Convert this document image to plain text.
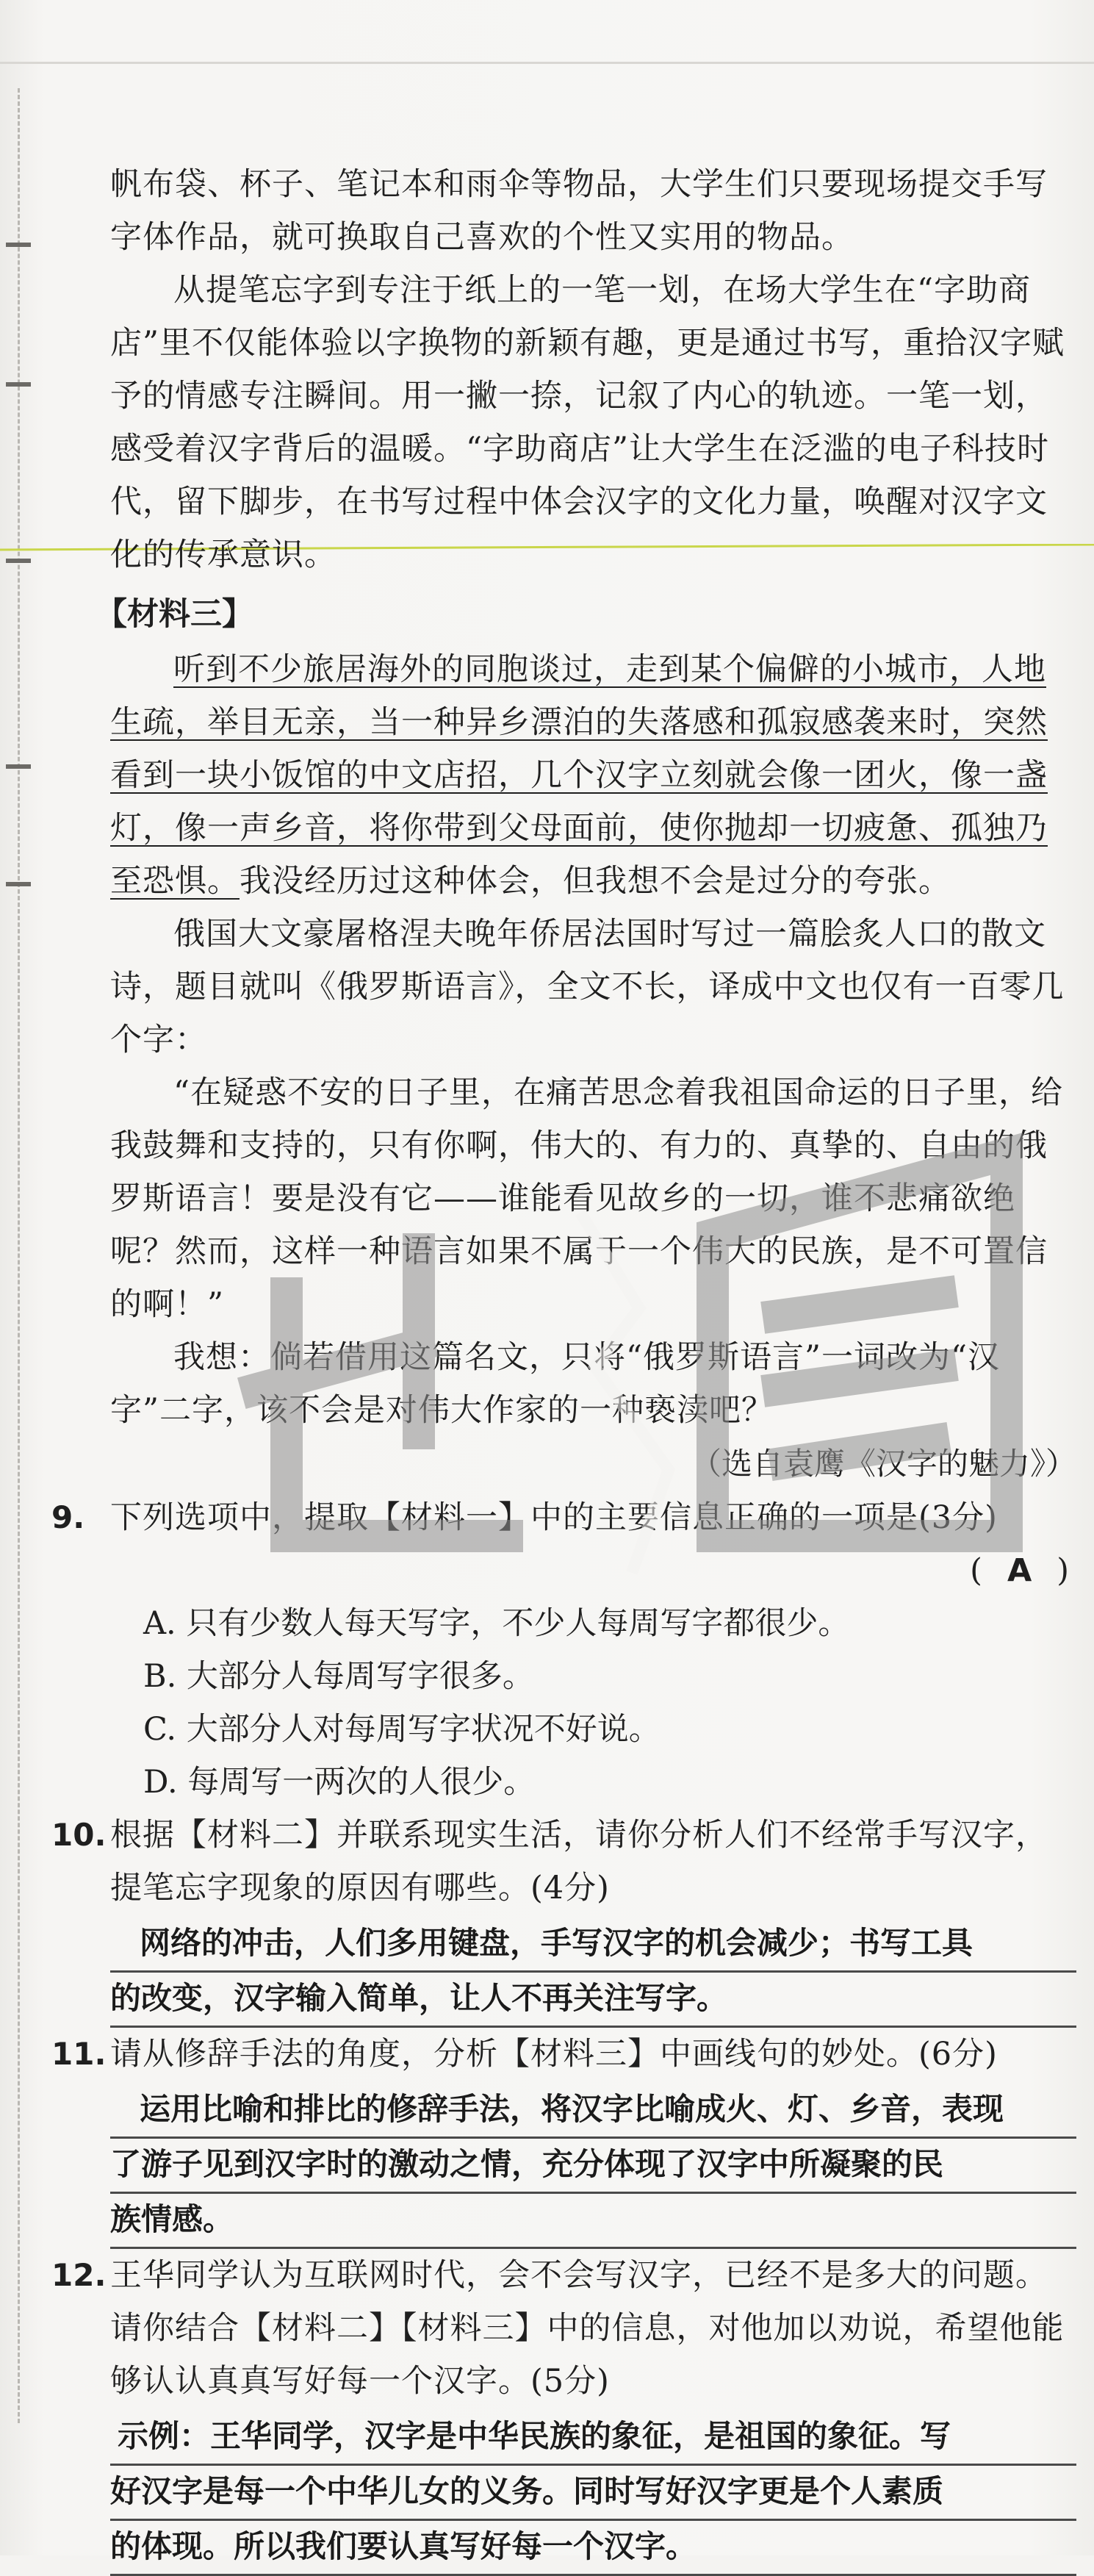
帆布袋、杯子、笔记本和雨伞等物品，大学生们只要现场提交手写字体作品，就可换取自己喜欢的个性又实用的物品。

从提笔忘字到专注于纸上的一笔一划，在场大学生在“字助商店”里不仅能体验以字换物的新颖有趣，更是通过书写，重拾汉字赋予的情感专注瞬间。用一撇一捺，记叙了内心的轨迹。一笔一划，感受着汉字背后的温暖。“字助商店”让大学生在泛滥的电子科技时代，留下脚步，在书写过程中体会汉字的文化力量，唤醒对汉字文化的传承意识。

【材料三】

听到不少旅居海外的同胞谈过，走到某个偏僻的小城市，人地生疏，举目无亲，当一种异乡漂泊的失落感和孤寂感袭来时，突然看到一块小饭馆的中文店招，几个汉字立刻就会像一团火，像一盏灯，像一声乡音，将你带到父母面前，使你抛却一切疲惫、孤独乃至恐惧。我没经历过这种体会，但我想不会是过分的夸张。

俄国大文豪屠格涅夫晚年侨居法国时写过一篇脍炙人口的散文诗，题目就叫《俄罗斯语言》，全文不长，译成中文也仅有一百零几个字：

“在疑惑不安的日子里，在痛苦思念着我祖国命运的日子里，给我鼓舞和支持的，只有你啊，伟大的、有力的、真挚的、自由的俄罗斯语言！要是没有它——谁能看见故乡的一切，谁不悲痛欲绝呢？然而，这样一种语言如果不属于一个伟大的民族，是不可置信的啊！”

我想：倘若借用这篇名文，只将“俄罗斯语言”一词改为“汉字”二字，该不会是对伟大作家的一种亵渎吧？

（选自袁鹰《汉字的魅力》）

9. 下列选项中，提取【材料一】中的主要信息正确的一项是(3分)

( A )

A. 只有少数人每天写字，不少人每周写字都很少。

B. 大部分人每周写字很多。

C. 大部分人对每周写字状况不好说。

D. 每周写一两次的人很少。

10. 根据【材料二】并联系现实生活，请你分析人们不经常手写汉字，提笔忘字现象的原因有哪些。(4分)

网络的冲击，人们多用键盘，手写汉字的机会减少；书写工具
的改变，汉字输入简单，让人不再关注写字。
11. 请从修辞手法的角度，分析【材料三】中画线句的妙处。(6分)

运用比喻和排比的修辞手法，将汉字比喻成火、灯、乡音，表现
了游子见到汉字时的激动之情，充分体现了汉字中所凝聚的民
族情感。
12. 王华同学认为互联网时代，会不会写汉字，已经不是多大的问题。请你结合【材料二】【材料三】中的信息，对他加以劝说，希望他能够认认真真写好每一个汉字。(5分)

示例：王华同学，汉字是中华民族的象征，是祖国的象征。写
好汉字是每一个中华儿女的义务。同时写好汉字更是个人素质
的体现。所以我们要认真写好每一个汉字。
